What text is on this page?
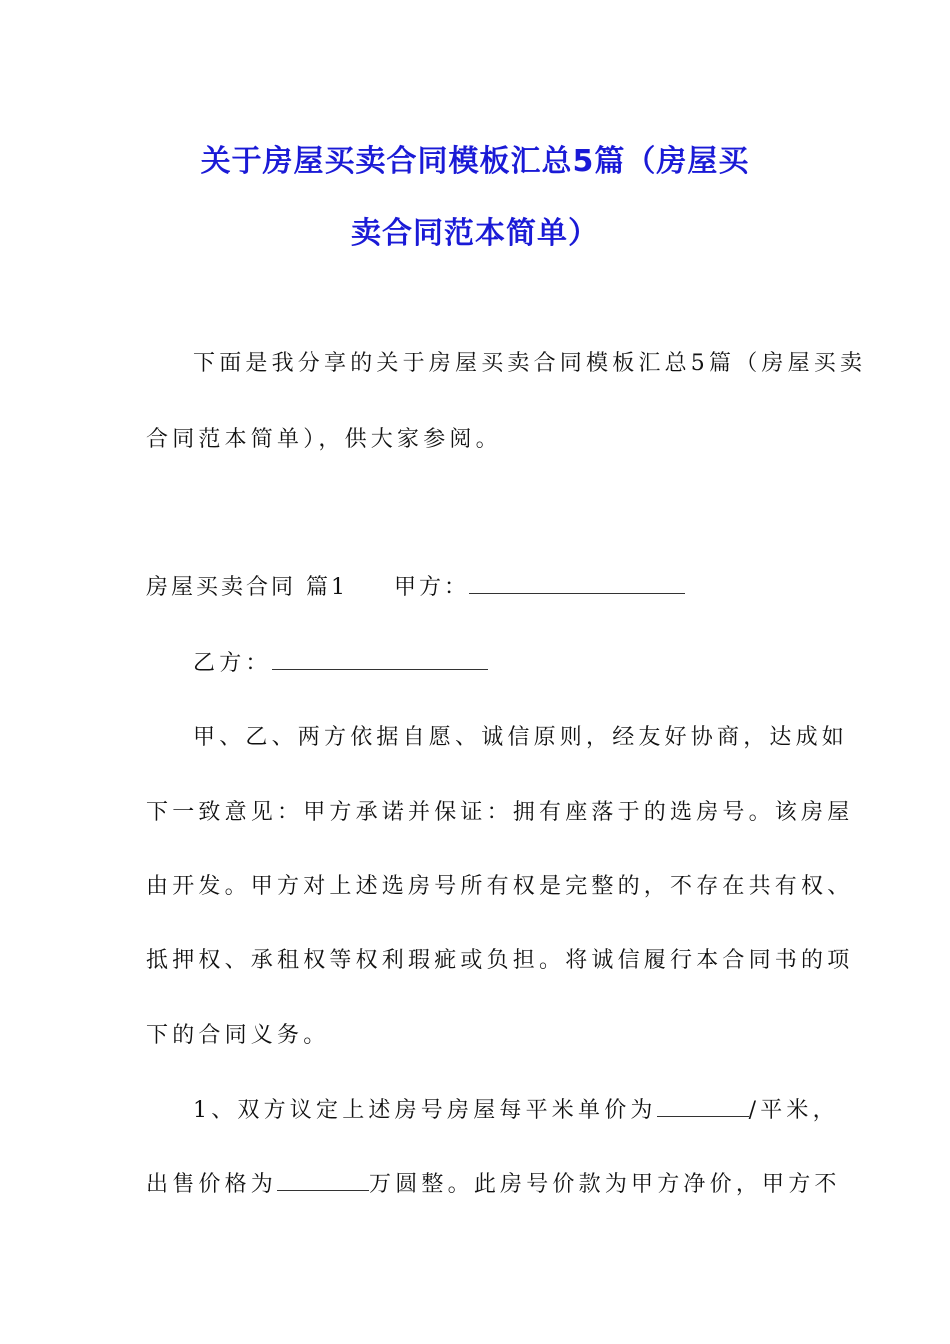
关于房屋买卖合同模板汇总5篇（房屋买
卖合同范本简单）
下面是我分享的关于房屋买卖合同模板汇总5篇（房屋买卖
合同范本简单），供大家参阅。
房屋买卖合同 篇1 甲方：
乙方：
甲、乙、两方依据自愿、诚信原则，经友好协商，达成如
下一致意见：甲方承诺并保证：拥有座落于的选房号。该房屋
由开发。甲方对上述选房号所有权是完整的，不存在共有权、
抵押权、承租权等权利瑕疵或负担。将诚信履行本合同书的项
下的合同义务。
1、双方议定上述房号房屋每平米单价为	/平米，
出售价格为	万圆整。此房号价款为甲方净价，甲方不
